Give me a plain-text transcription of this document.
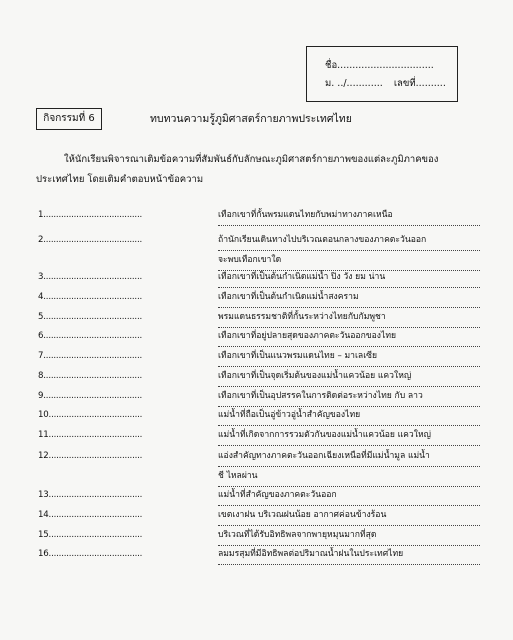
ชื่อ................................
ม. ../............ เลขที่..........
กิจกรรมที่ 6	ทบทวนความรู้ภูมิศาสตร์กายภาพประเทศไทย
ให้นักเรียนพิจารณาเติมข้อความที่สัมพันธ์กับลักษณะภูมิศาสตร์กายภาพของแต่ละภูมิภาคของ
ประเทศไทย โดยเติมคำตอบหน้าข้อความ
1.......................................	เทือกเขาที่กั้นพรมแดนไทยกับพม่าทางภาคเหนือ
2.......................................	ถ้านักเรียนเดินทางไปบริเวณตอนกลางของภาคตะวันออก
จะพบเทือกเขาใด
3.......................................	เทือกเขาที่เป็นต้นกำเนิดแม่น้ำ ปิง วัง ยม น่าน
4.......................................	เทือกเขาที่เป็นต้นกำเนิดแม่น้ำสงคราม
5.......................................	พรมแดนธรรมชาติที่กั้นระหว่างไทยกับกัมพูชา
6.......................................	เทือกเขาที่อยู่ปลายสุดของภาคตะวันออกของไทย
7.......................................	เทือกเขาที่เป็นแนวพรมแดนไทย – มาเลเซีย
8.......................................	เทือกเขาที่เป็นจุดเริ่มต้นของแม่น้ำแควน้อย แควใหญ่
9.......................................	เทือกเขาที่เป็นอุปสรรคในการติดต่อระหว่างไทย กับ ลาว
10.....................................	แม่น้ำที่ถือเป็นอู่ข้าวอู่น้ำสำคัญของไทย
11.....................................	แม่น้ำที่เกิดจากการรวมตัวกันของแม่น้ำแควน้อย แควใหญ่
12.....................................	แอ่งสำคัญทางภาคตะวันออกเฉียงเหนือที่มีแม่น้ำมูล แม่น้ำ
ชี ไหลผ่าน
13.....................................	แม่น้ำที่สำคัญของภาคตะวันออก
14.....................................	เขตเงาฝน บริเวณฝนน้อย อากาศค่อนข้างร้อน
15.....................................	บริเวณที่ได้รับอิทธิพลจากพายุหมุนมากที่สุด
16.....................................	ลมมรสุมที่มีอิทธิพลต่อปริมาณน้ำฝนในประเทศไทย
